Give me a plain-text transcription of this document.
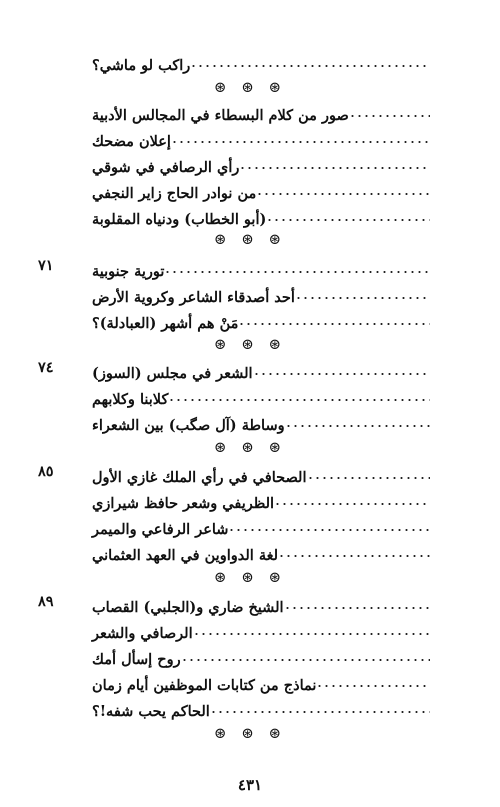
راكب لو ماشي؟
⊛ ⊛ ⊛
صور من كلام البسطاء في المجالس الأدبية
إعلان مضحك
رأي الرصافي في شوقي
من نوادر الحاج زاير النجفي
(أبو الخطاب) ودنياه المقلوبة
⊛ ⊛ ⊛
٧١	تورية جنوبية
أحد أصدقاء الشاعر وكروية الأرض
مَنْ هم أشهر (العبادلة)؟
⊛ ⊛ ⊛
٧٤	الشعر في مجلس (السوز)
كلابنا وكلابهم
وساطة (آل صگب) بين الشعراء
⊛ ⊛ ⊛
٨٥	الصحافي في رأي الملك غازي الأول
الظريفي وشعر حافظ شيرازي
شاعر الرفاعي والميمر
لغة الدواوين في العهد العثماني
⊛ ⊛ ⊛
٨٩	الشيخ ضاري و(الجلبي) القصاب
الرصافي والشعر
روح إسأل أمك
نماذج من كتابات الموظفين أيام زمان
الحاكم يحب شفه!؟
⊛ ⊛ ⊛
٤٣١
